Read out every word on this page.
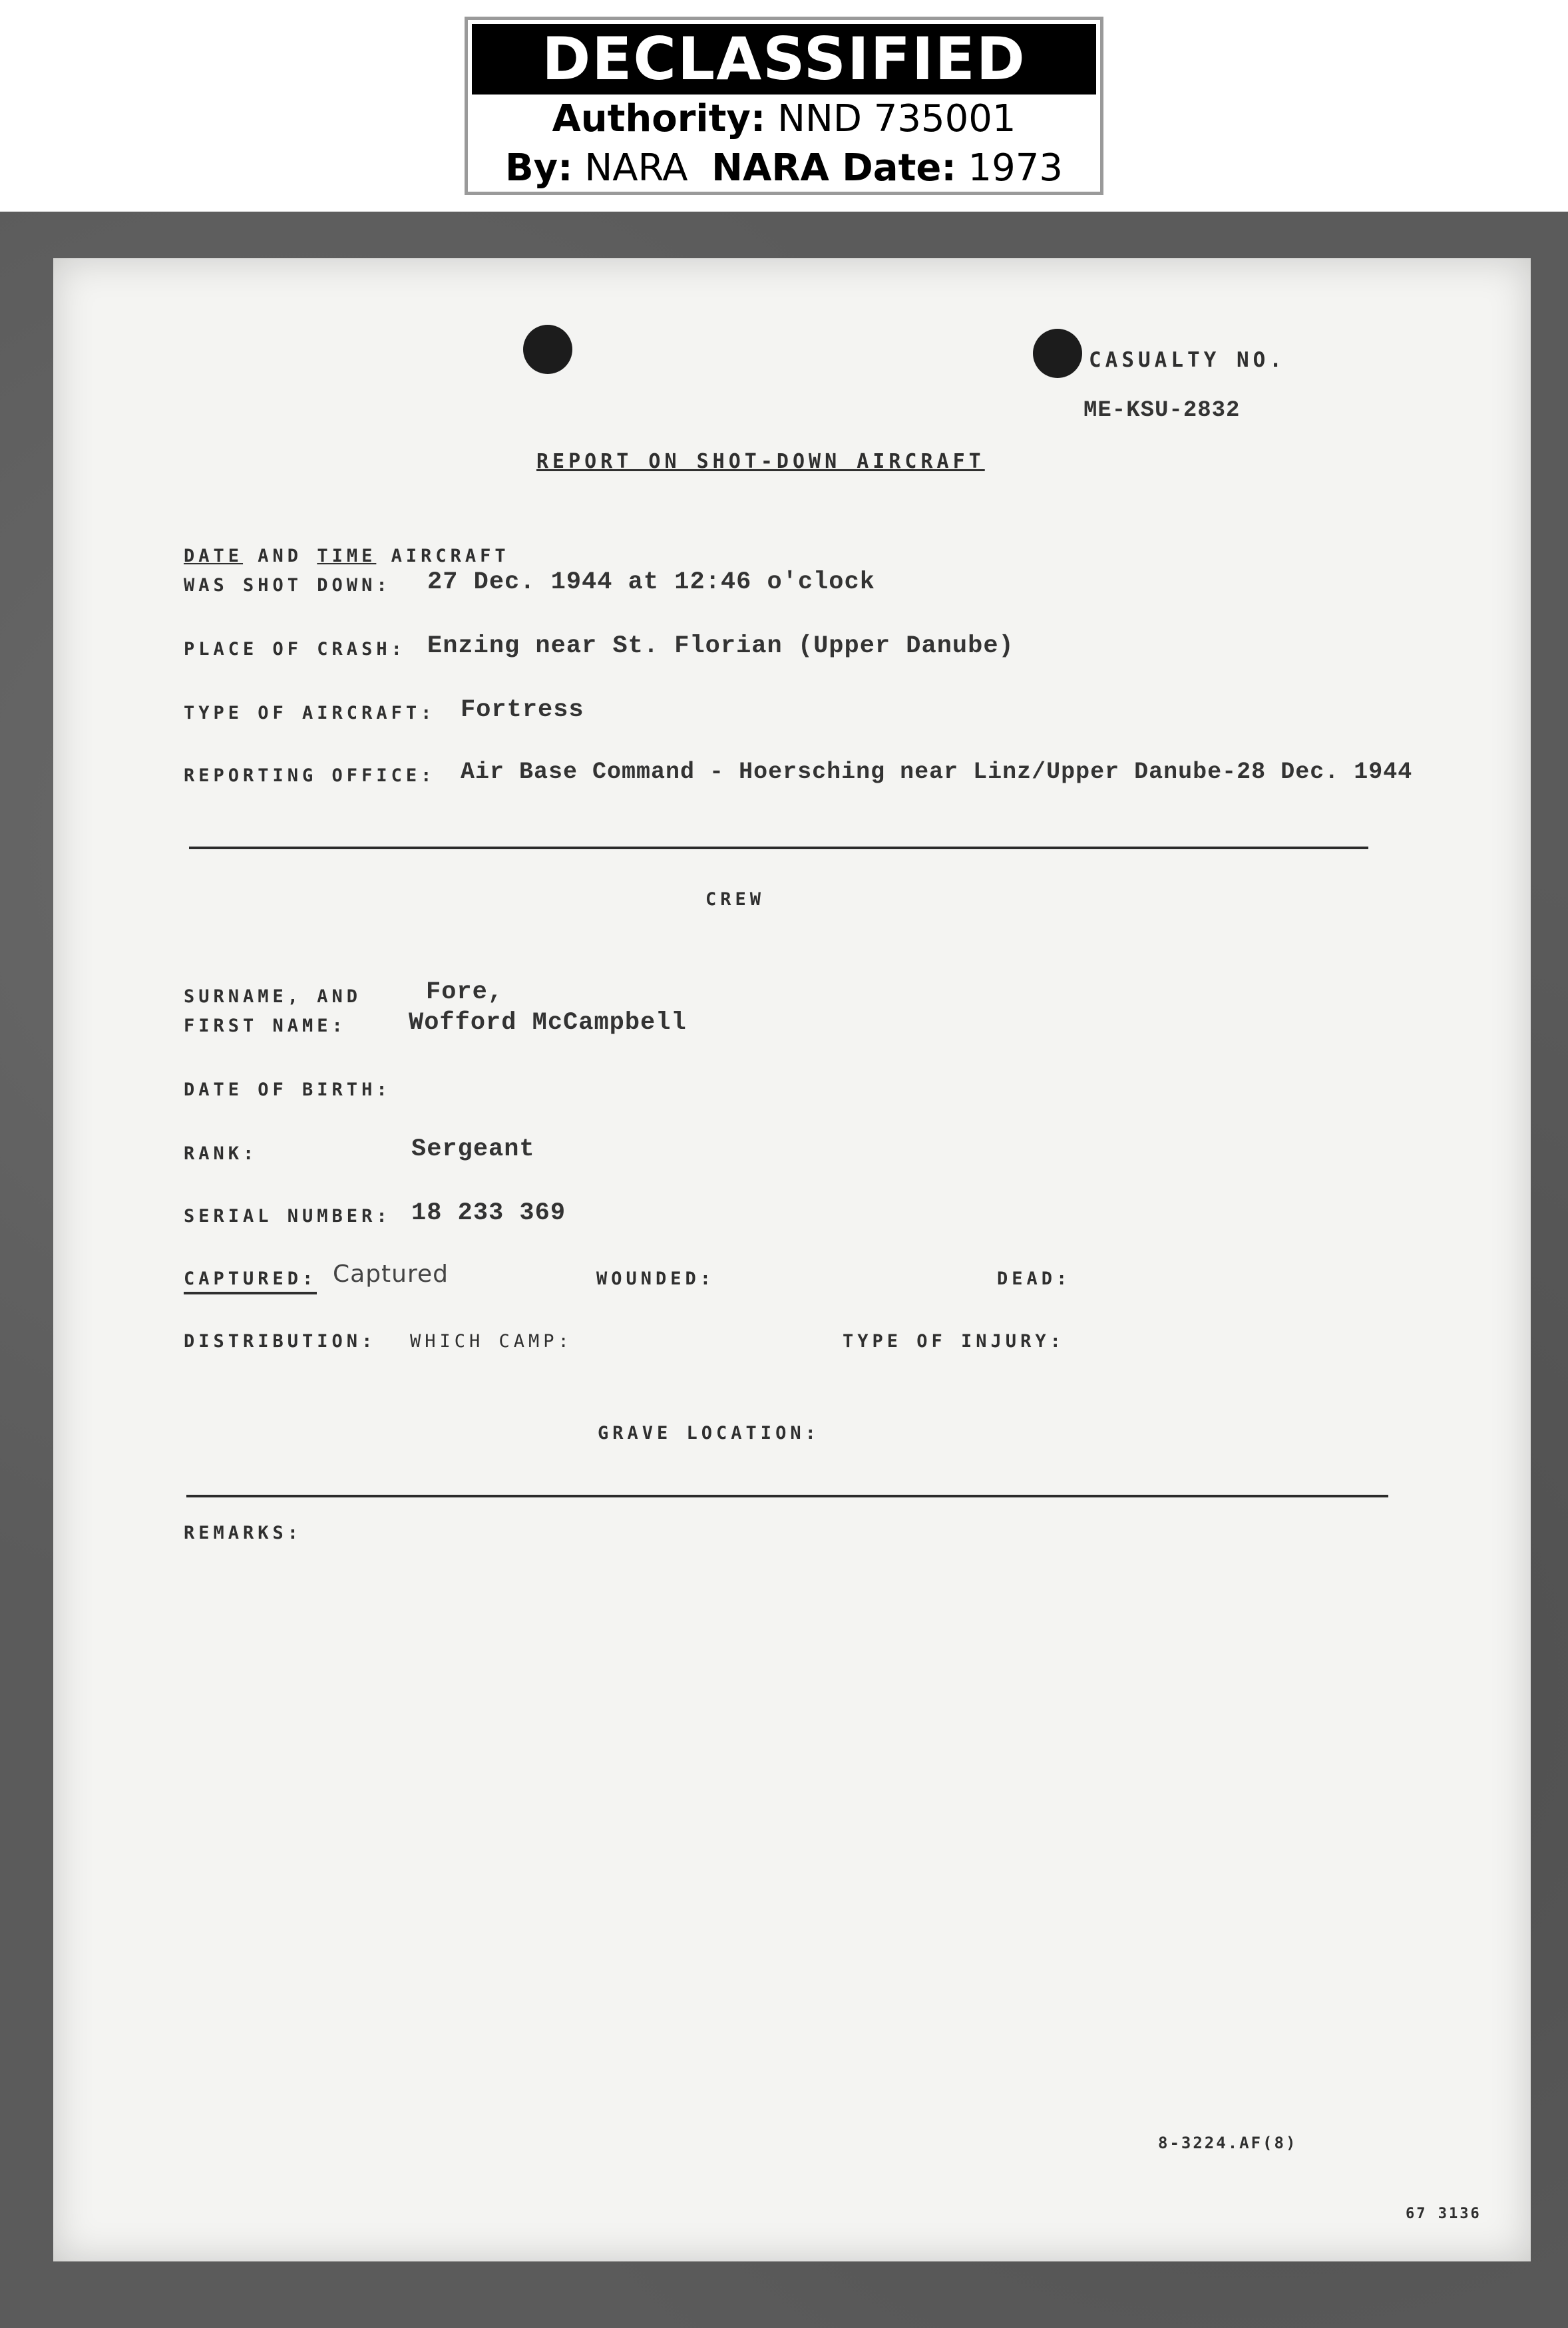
DECLASSIFIED
Authority: NND 735001
By: NARA NARA Date: 1973
CASUALTY NO.
ME-KSU-2832
REPORT ON SHOT-DOWN AIRCRAFT
DATE AND TIME AIRCRAFT
WAS SHOT DOWN: 27 Dec. 1944 at 12:46 o'clock
PLACE OF CRASH: Enzing near St. Florian (Upper Danube)
TYPE OF AIRCRAFT: Fortress
REPORTING OFFICE: Air Base Command - Hoersching near Linz/Upper Danube-28 Dec. 1944
CREW
SURNAME, AND	Fore,
FIRST NAME:	Wofford McCampbell
DATE OF BIRTH:
RANK:	Sergeant
SERIAL NUMBER: 18 233 369
CAPTURED: Captured	WOUNDED:	DEAD:
DISTRIBUTION: WHICH CAMP:	TYPE OF INJURY:
GRAVE LOCATION:
REMARKS:
8-3224.AF(8)
67 3136
